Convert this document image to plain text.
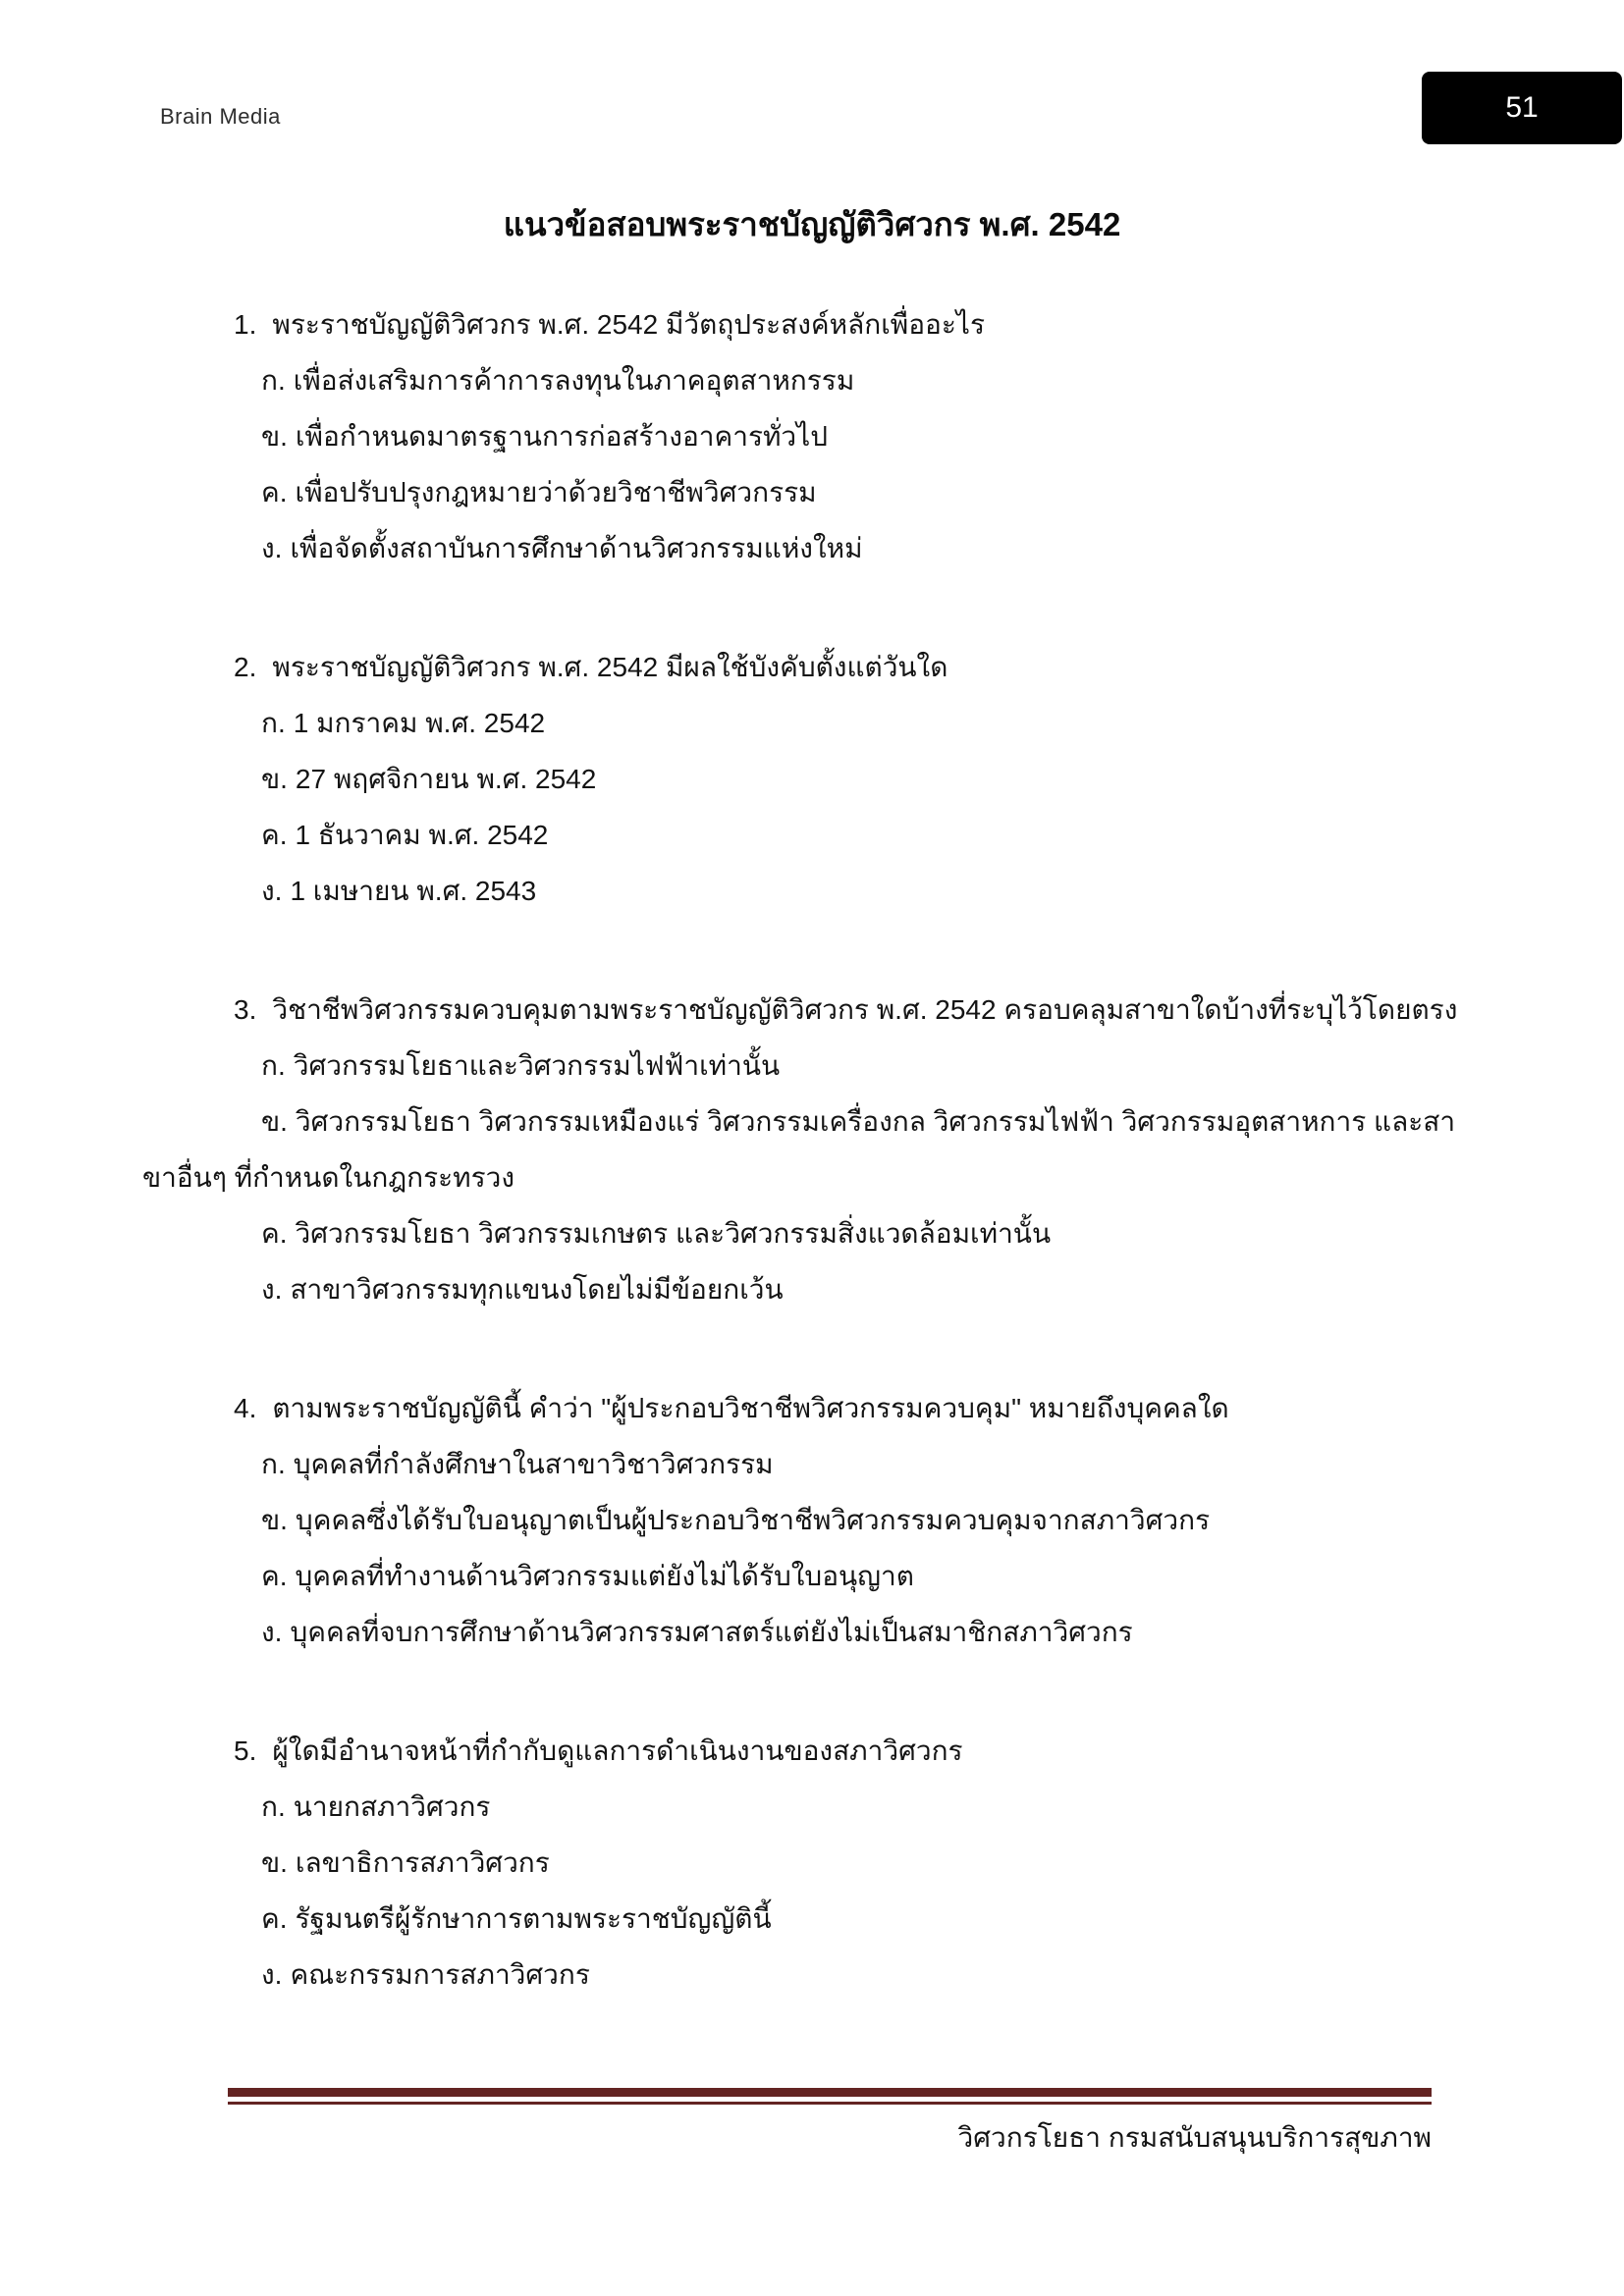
Brain Media	51
แนวข้อสอบพระราชบัญญัติวิศวกร พ.ศ. 2542

1. พระราชบัญญัติวิศวกร พ.ศ. 2542 มีวัตถุประสงค์หลักเพื่ออะไร

ก. เพื่อส่งเสริมการค้าการลงทุนในภาคอุตสาหกรรม

ข. เพื่อกำหนดมาตรฐานการก่อสร้างอาคารทั่วไป

ค. เพื่อปรับปรุงกฎหมายว่าด้วยวิชาชีพวิศวกรรม

ง. เพื่อจัดตั้งสถาบันการศึกษาด้านวิศวกรรมแห่งใหม่

2. พระราชบัญญัติวิศวกร พ.ศ. 2542 มีผลใช้บังคับตั้งแต่วันใด

ก. 1 มกราคม พ.ศ. 2542

ข. 27 พฤศจิกายน พ.ศ. 2542

ค. 1 ธันวาคม พ.ศ. 2542

ง. 1 เมษายน พ.ศ. 2543

3. วิชาชีพวิศวกรรมควบคุมตามพระราชบัญญัติวิศวกร พ.ศ. 2542 ครอบคลุมสาขาใดบ้างที่ระบุไว้โดยตรง

ก. วิศวกรรมโยธาและวิศวกรรมไฟฟ้าเท่านั้น

ข. วิศวกรรมโยธา วิศวกรรมเหมืองแร่ วิศวกรรมเครื่องกล วิศวกรรมไฟฟ้า วิศวกรรมอุตสาหการ และสาขาอื่นๆ ที่กำหนดในกฎกระทรวง

ค. วิศวกรรมโยธา วิศวกรรมเกษตร และวิศวกรรมสิ่งแวดล้อมเท่านั้น

ง. สาขาวิศวกรรมทุกแขนงโดยไม่มีข้อยกเว้น

4. ตามพระราชบัญญัตินี้ คำว่า "ผู้ประกอบวิชาชีพวิศวกรรมควบคุม" หมายถึงบุคคลใด

ก. บุคคลที่กำลังศึกษาในสาขาวิชาวิศวกรรม

ข. บุคคลซึ่งได้รับใบอนุญาตเป็นผู้ประกอบวิชาชีพวิศวกรรมควบคุมจากสภาวิศวกร

ค. บุคคลที่ทำงานด้านวิศวกรรมแต่ยังไม่ได้รับใบอนุญาต

ง. บุคคลที่จบการศึกษาด้านวิศวกรรมศาสตร์แต่ยังไม่เป็นสมาชิกสภาวิศวกร

5. ผู้ใดมีอำนาจหน้าที่กำกับดูแลการดำเนินงานของสภาวิศวกร

ก. นายกสภาวิศวกร

ข. เลขาธิการสภาวิศวกร

ค. รัฐมนตรีผู้รักษาการตามพระราชบัญญัตินี้

ง. คณะกรรมการสภาวิศวกร

วิศวกรโยธา กรมสนับสนุนบริการสุขภาพ
